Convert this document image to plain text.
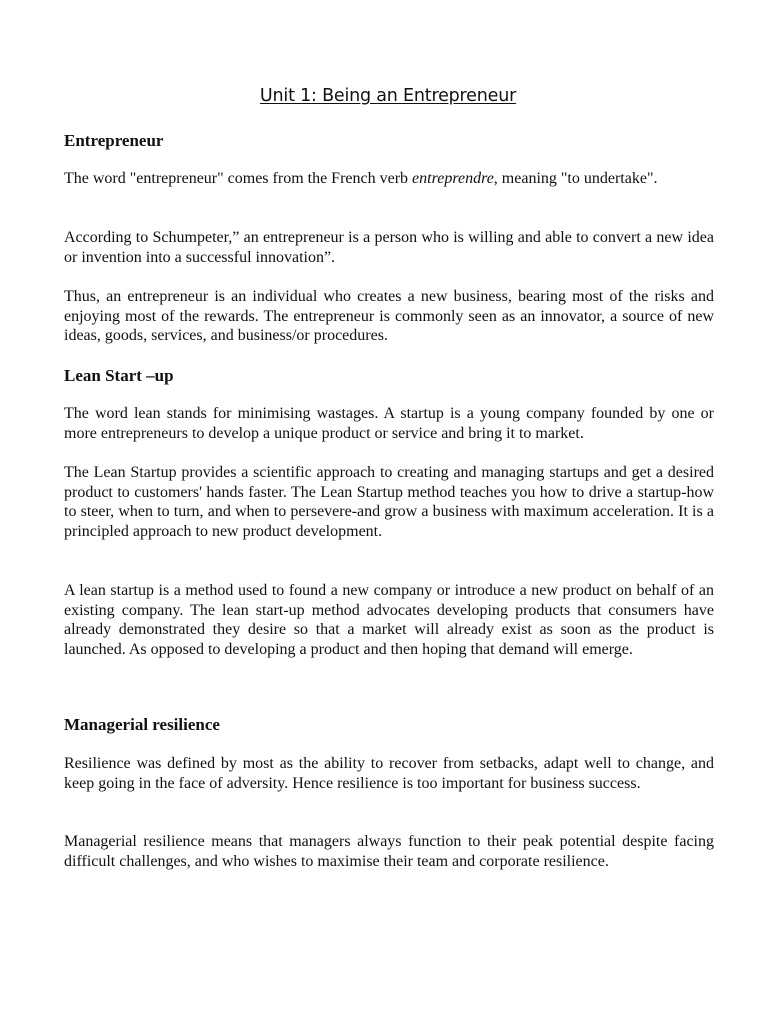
Unit 1: Being an Entrepreneur
Entrepreneur

The word "entrepreneur" comes from the French verb entreprendre, meaning "to undertake".

According to Schumpeter,” an entrepreneur is a person who is willing and able to convert a new idea or invention into a successful innovation”.

Thus, an entrepreneur is an individual who creates a new business, bearing most of the risks and enjoying most of the rewards. The entrepreneur is commonly seen as an innovator, a source of new ideas, goods, services, and business/or procedures.

Lean Start –up

The word lean stands for minimising wastages. A startup is a young company founded by one or more entrepreneurs to develop a unique product or service and bring it to market.

The Lean Startup provides a scientific approach to creating and managing startups and get a desired product to customers' hands faster. The Lean Startup method teaches you how to drive a startup-how to steer, when to turn, and when to persevere-and grow a business with maximum acceleration. It is a principled approach to new product development.

A lean startup is a method used to found a new company or introduce a new product on behalf of an existing company. The lean start-up method advocates developing products that consumers have already demonstrated they desire so that a market will already exist as soon as the product is launched. As opposed to developing a product and then hoping that demand will emerge.

Managerial resilience

Resilience was defined by most as the ability to recover from setbacks, adapt well to change, and keep going in the face of adversity. Hence resilience is too important for business success.

Managerial resilience means that managers always function to their peak potential despite facing difficult challenges, and who wishes to maximise their team and corporate resilience.
